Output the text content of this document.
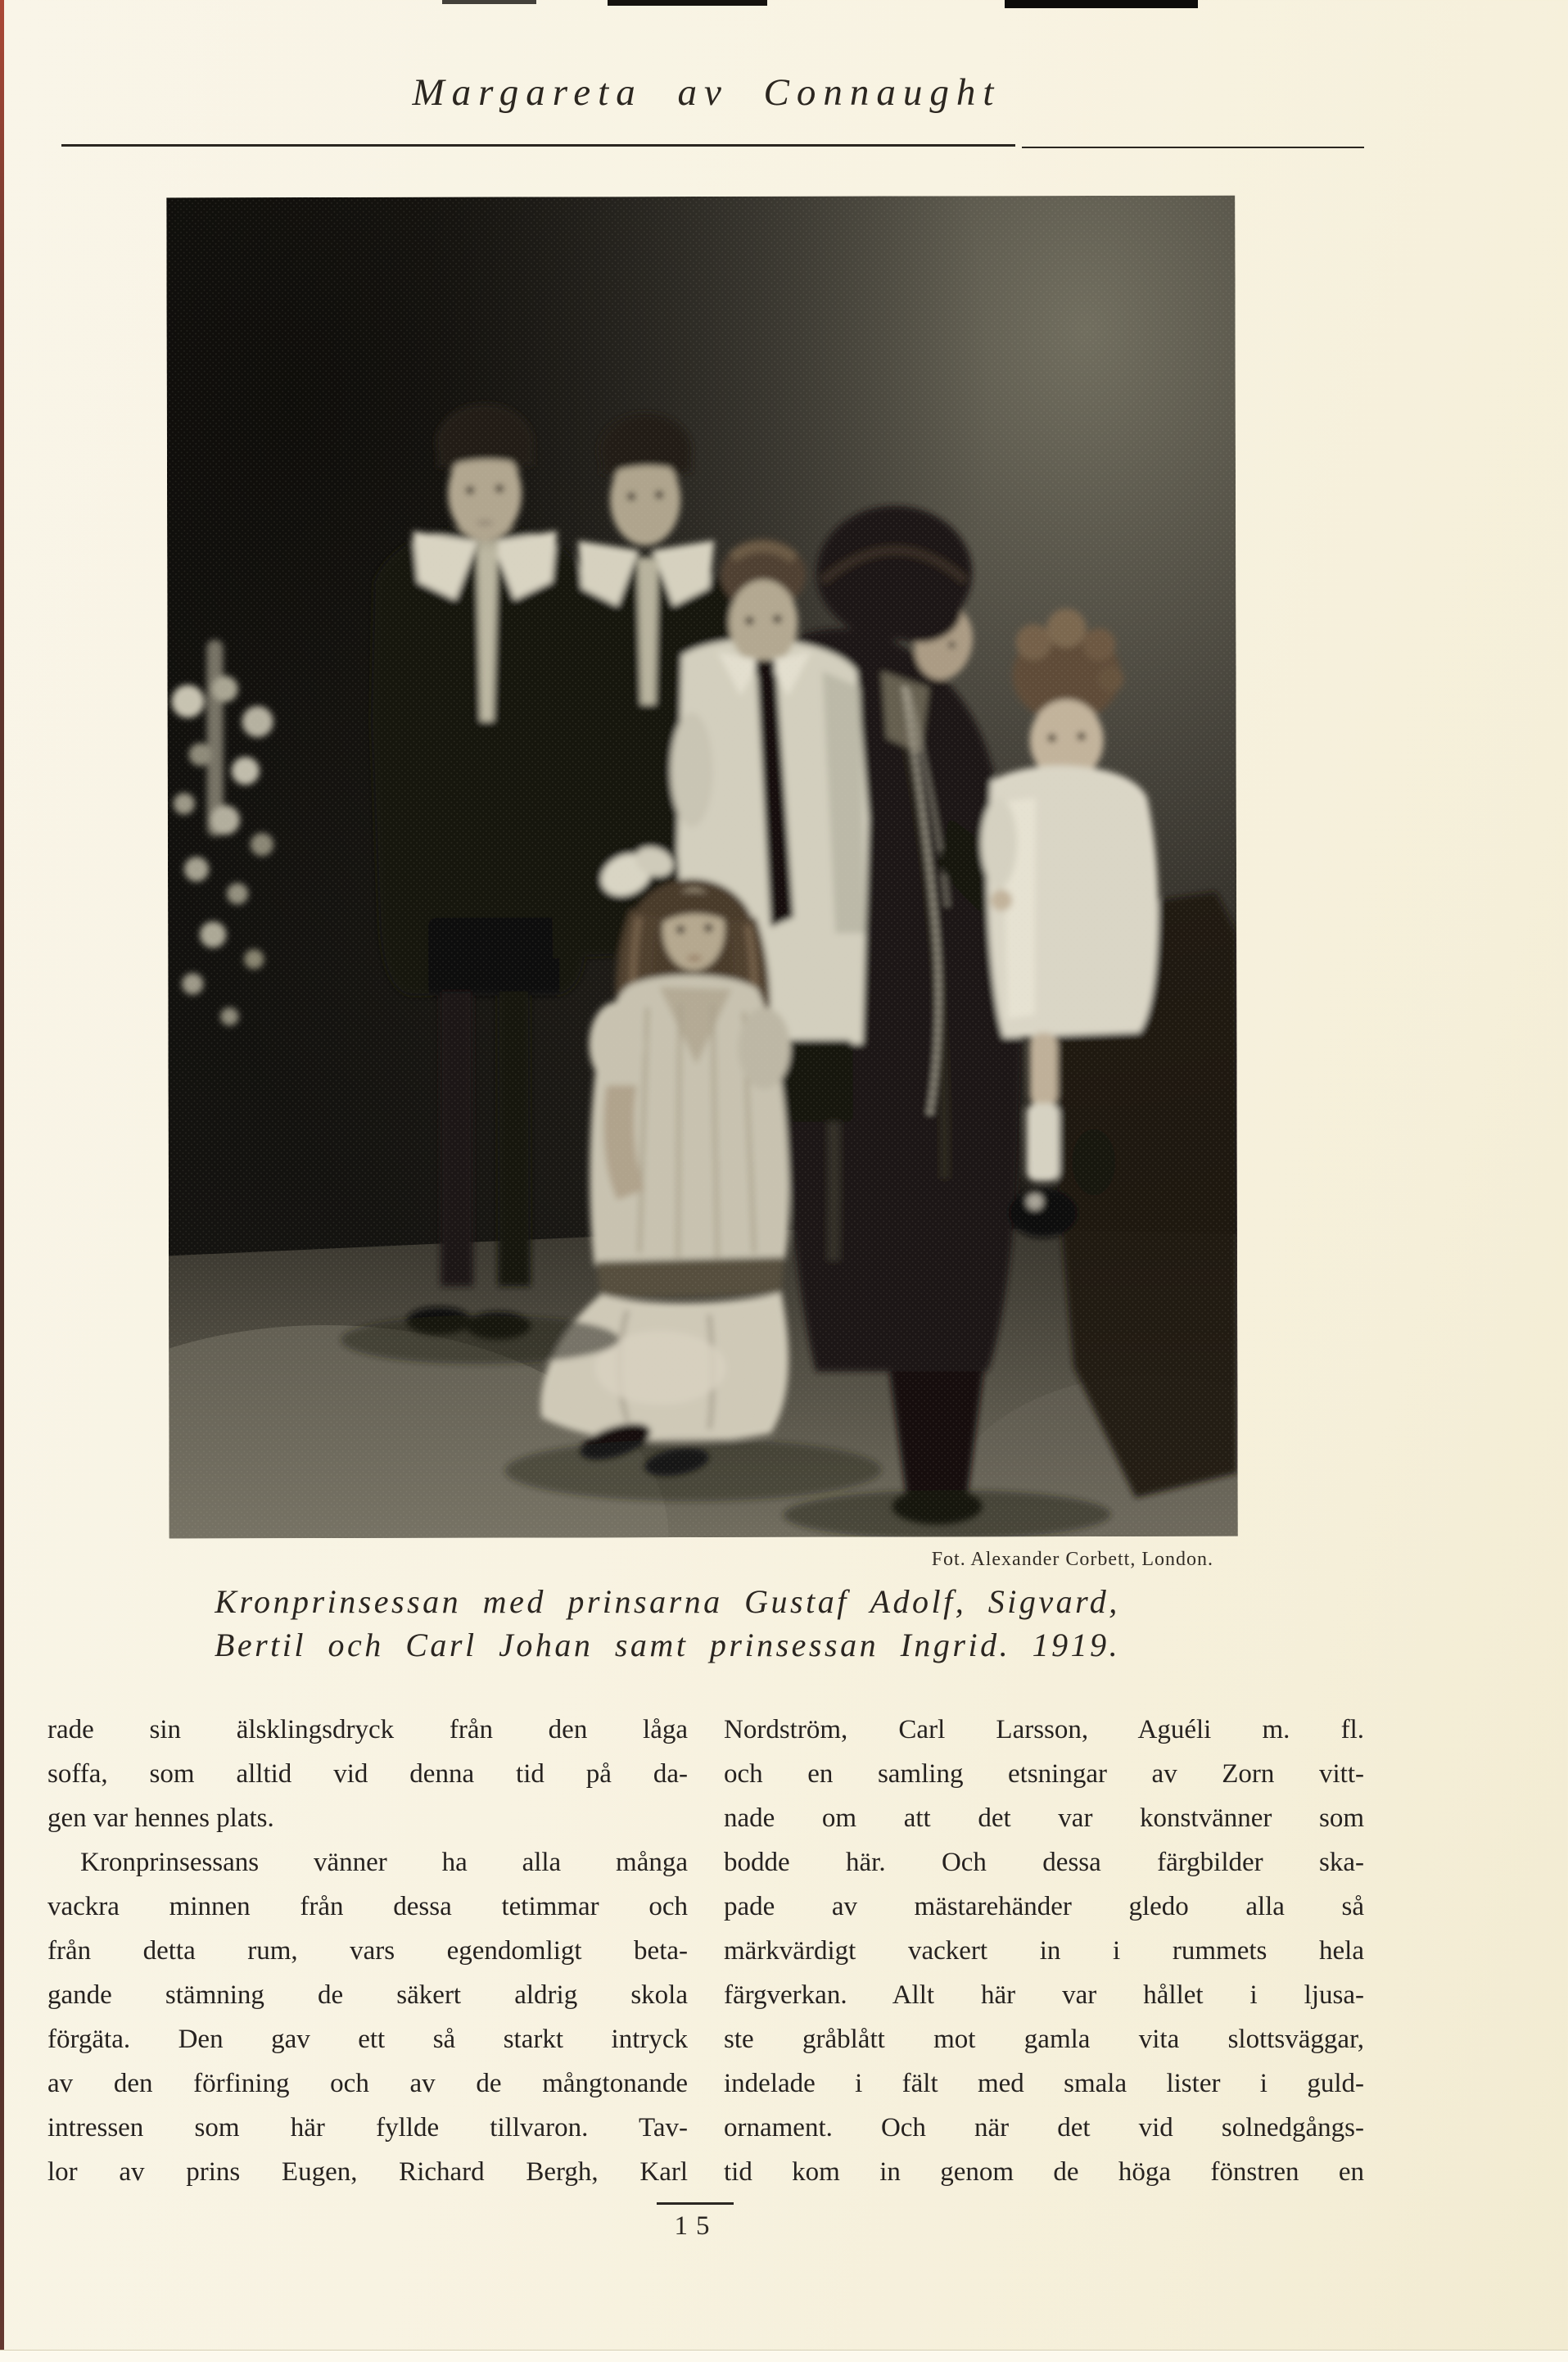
Margareta av Connaught
Fot. Alexander Corbett, London.
Kronprinsessan med prinsarna Gustaf Adolf, Sigvard,
Bertil och Carl Johan samt prinsessan Ingrid. 1919.
rade sin älsklingsdryck från den låga
soffa, som alltid vid denna tid på da-
gen var hennes plats.
Kronprinsessans vänner ha alla många
vackra minnen från dessa tetimmar och
från detta rum, vars egendomligt beta-
gande stämning de säkert aldrig skola
förgäta. Den gav ett så starkt intryck
av den förfining och av de mångtonande
intressen som här fyllde tillvaron. Tav-
lor av prins Eugen, Richard Bergh, Karl
Nordström, Carl Larsson, Aguéli m. fl.
och en samling etsningar av Zorn vitt-
nade om att det var konstvänner som
bodde här. Och dessa färgbilder ska-
pade av mästarehänder gledo alla så
märkvärdigt vackert in i rummets hela
färgverkan. Allt här var hållet i ljusa-
ste gråblått mot gamla vita slottsväggar,
indelade i fält med smala lister i guld-
ornament. Och när det vid solnedgångs-
tid kom in genom de höga fönstren en
15
